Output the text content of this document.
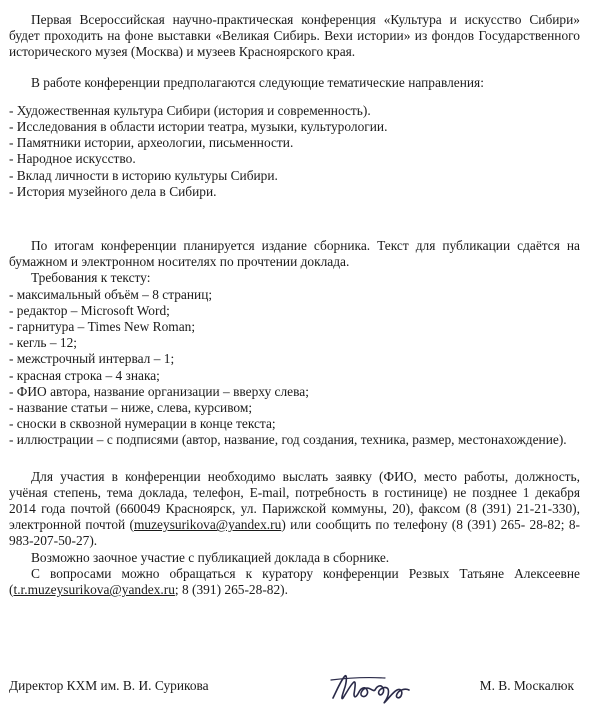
Первая Всероссийская научно-практическая конференция «Культура и искусство Сибири» будет проходить на фоне выставки «Великая Сибирь. Вехи истории» из фондов Государственного исторического музея (Москва) и музеев Красноярского края.

В работе конференции предполагаются следующие тематические направления:

- Художественная культура Сибири (история и современность).
- Исследования в области истории театра, музыки, культурологии.
- Памятники истории, археологии, письменности.
- Народное искусство.
- Вклад личности в историю культуры Сибири.
- История музейного дела в Сибири.

По итогам конференции планируется издание сборника. Текст для публикации сдаётся на бумажном и электронном носителях по прочтении доклада.

Требования к тексту:

- максимальный объём – 8 страниц;
- редактор – Microsoft Word;
- гарнитура – Times New Roman;
- кегль – 12;
- межстрочный интервал – 1;
- красная строка – 4 знака;
- ФИО автора, название организации – вверху слева;
- название статьи – ниже, слева, курсивом;
- сноски в сквозной нумерации в конце текста;
- иллюстрации – с подписями (автор, название, год создания, техника, размер, местонахождение).

Для участия в конференции необходимо выслать заявку (ФИО, место работы, должность, учёная степень, тема доклада, телефон, E-mail, потребность в гостинице) не позднее 1 декабря 2014 года почтой (660049 Красноярск, ул. Парижской коммуны, 20), факсом (8 (391) 21-21-330), электронной почтой (muzeysurikova@yandex.ru) или сообщить по телефону (8 (391) 265- 28-82; 8-983-207-50-27).

Возможно заочное участие с публикацией доклада в сборнике.

С вопросами можно обращаться к куратору конференции Резвых Татьяне Алексеевне (t.r.muzeysurikova@yandex.ru; 8 (391) 265-28-82).

Директор КХМ им. В. И. Сурикова	М. В. Москалюк
